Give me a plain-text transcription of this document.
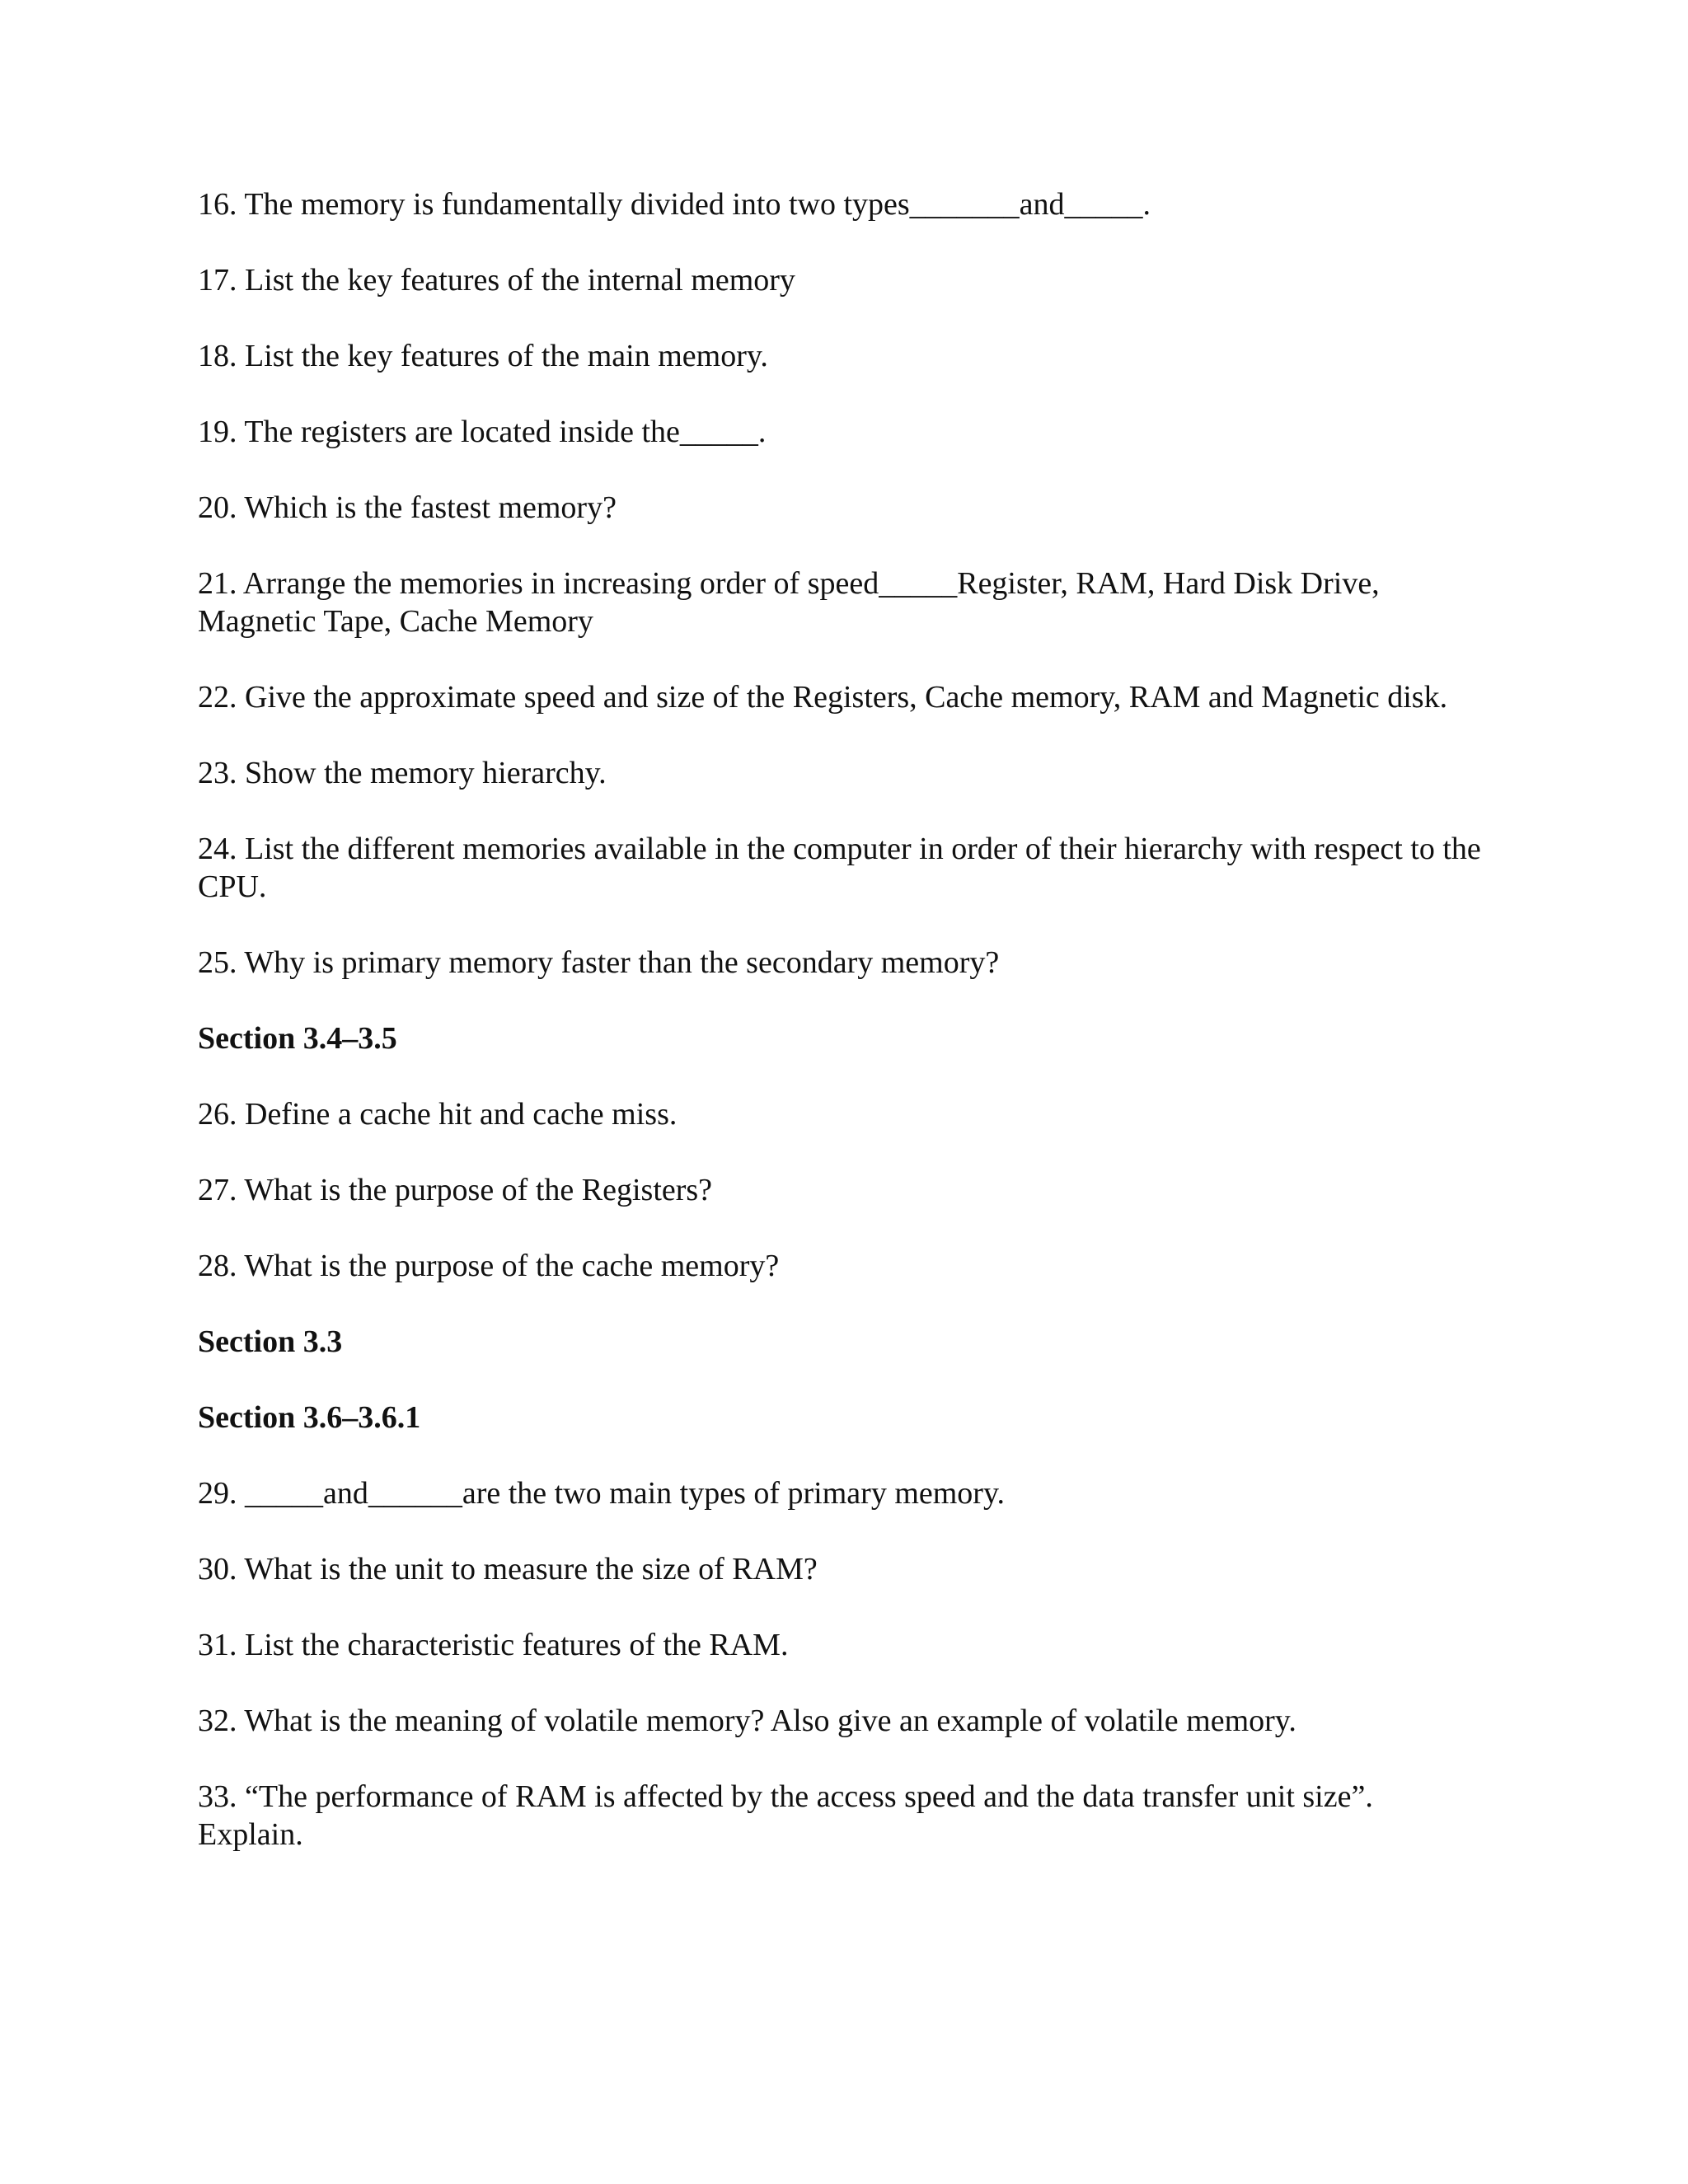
16. The memory is fundamentally divided into two types_______and_____.

17. List the key features of the internal memory

18. List the key features of the main memory.

19. The registers are located inside the_____.

20. Which is the fastest memory?

21. Arrange the memories in increasing order of speed_____Register, RAM, Hard Disk Drive, Magnetic Tape, Cache Memory

22. Give the approximate speed and size of the Registers, Cache memory, RAM and Magnetic disk.

23. Show the memory hierarchy.

24. List the different memories available in the computer in order of their hierarchy with respect to the CPU.

25. Why is primary memory faster than the secondary memory?

Section 3.4–3.5

26. Define a cache hit and cache miss.

27. What is the purpose of the Registers?

28. What is the purpose of the cache memory?

Section 3.3

Section 3.6–3.6.1

29. _____and______are the two main types of primary memory.

30. What is the unit to measure the size of RAM?

31. List the characteristic features of the RAM.

32. What is the meaning of volatile memory? Also give an example of volatile memory.

33. “The performance of RAM is affected by the access speed and the data transfer unit size”. Explain.
